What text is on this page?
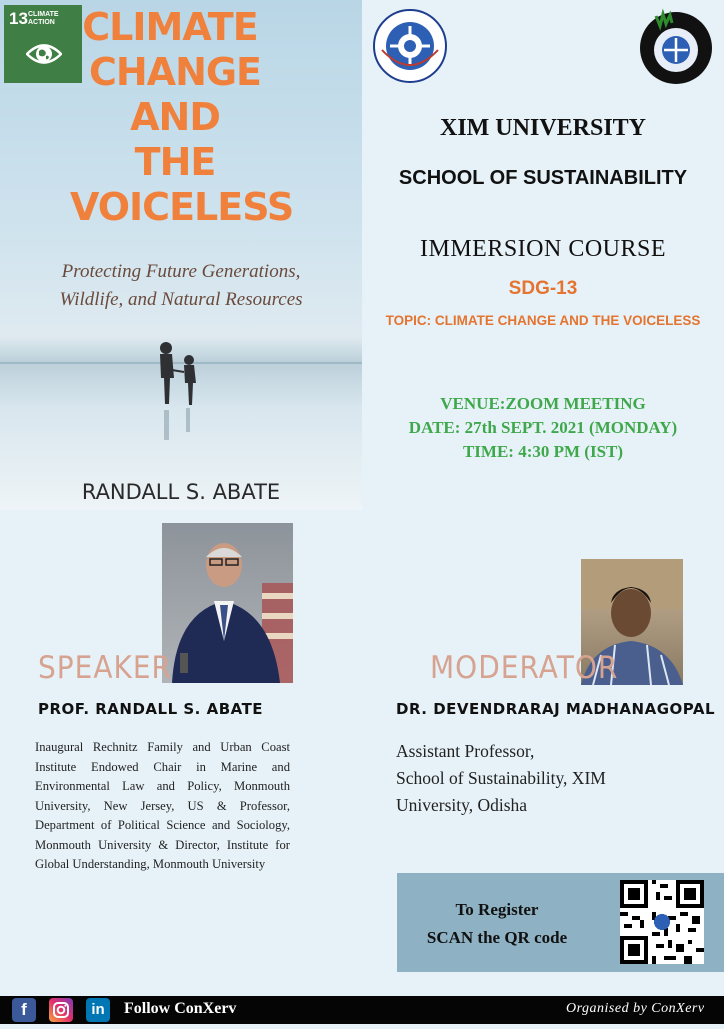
13 CLIMATE
ACTION CLIMATE
CHANGE
AND
THE
VOICELESS
Protecting Future Generations,
Wildlife, and Natural Resources
RANDALL S. ABATE
XIM UNIVERSITY
SCHOOL OF SUSTAINABILITY
IMMERSION COURSE
SDG-13
TOPIC: CLIMATE CHANGE AND THE VOICELESS
VENUE:ZOOM MEETING
DATE: 27th SEPT. 2021 (MONDAY)
TIME: 4:30 PM (IST)
SPEAKER
PROF. RANDALL S. ABATE
Inaugural Rechnitz Family and Urban Coast Institute Endowed Chair in Marine and Environmental Law and Policy, Monmouth University, New Jersey, US & Professor, Department of Political Science and Sociology, Monmouth University & Director, Institute for Global Understanding, Monmouth University
MODERATOR
DR. DEVENDRARAJ MADHANAGOPAL
Assistant Professor,
School of Sustainability, XIM
University, Odisha
To Register
SCAN the QR code
f	in	Follow ConXerv	Organised by ConXerv
